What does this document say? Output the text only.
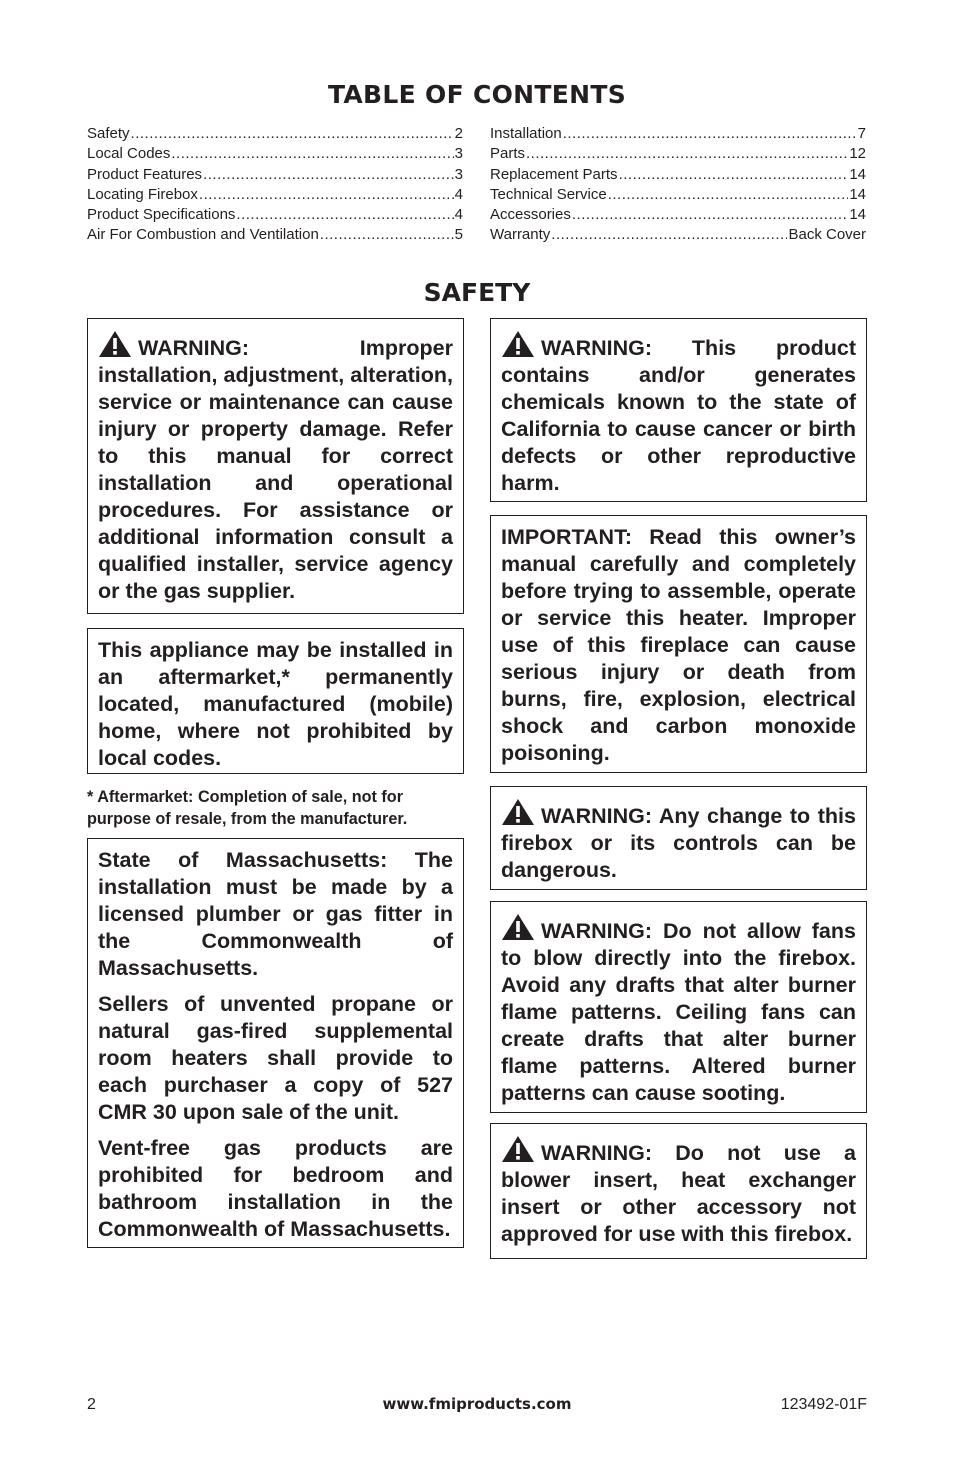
TABLE OF CONTENTS
Safety .....	2
Local Codes .....	3
Product Features .....	3
Locating Firebox .....	4
Product Specifications .....	4
Air For Combustion and Ventilation .....	5
Installation .....	7
Parts .....	12
Replacement Parts .....	14
Technical Service .....	14
Accessories .....	14
Warranty .....	Back Cover
SAFETY

WARNING: Improper installation, adjustment, alteration, service or maintenance can cause injury or property damage. Refer to this manual for correct installation and operational procedures. For assistance or additional information consult a qualified installer, service agency or the gas supplier.

This appliance may be installed in an aftermarket,* permanently located, manufactured (mobile) home, where not prohibited by local codes.

* Aftermarket: Completion of sale, not for purpose of resale, from the manufacturer.

State of Massachusetts: The installation must be made by a licensed plumber or gas fitter in the Commonwealth of Massachusetts.

Sellers of unvented propane or natural gas-fired supplemental room heaters shall provide to each purchaser a copy of 527 CMR 30 upon sale of the unit.

Vent-free gas products are prohibited for bedroom and bathroom installation in the Commonwealth of Massachusetts.

WARNING: This product contains and/or generates chemicals known to the state of California to cause cancer or birth defects or other reproductive harm.

IMPORTANT: Read this owner’s manual carefully and completely before trying to assemble, operate or service this heater. Improper use of this fireplace can cause serious injury or death from burns, fire, explosion, electrical shock and carbon monoxide poisoning.

WARNING: Any change to this firebox or its controls can be dangerous.

WARNING: Do not allow fans to blow directly into the firebox. Avoid any drafts that alter burner flame patterns. Ceiling fans can create drafts that alter burner flame patterns. Altered burner patterns can cause sooting.

WARNING: Do not use a blower insert, heat exchanger insert or other accessory not approved for use with this firebox.

2	www.fmiproducts.com	123492-01F
